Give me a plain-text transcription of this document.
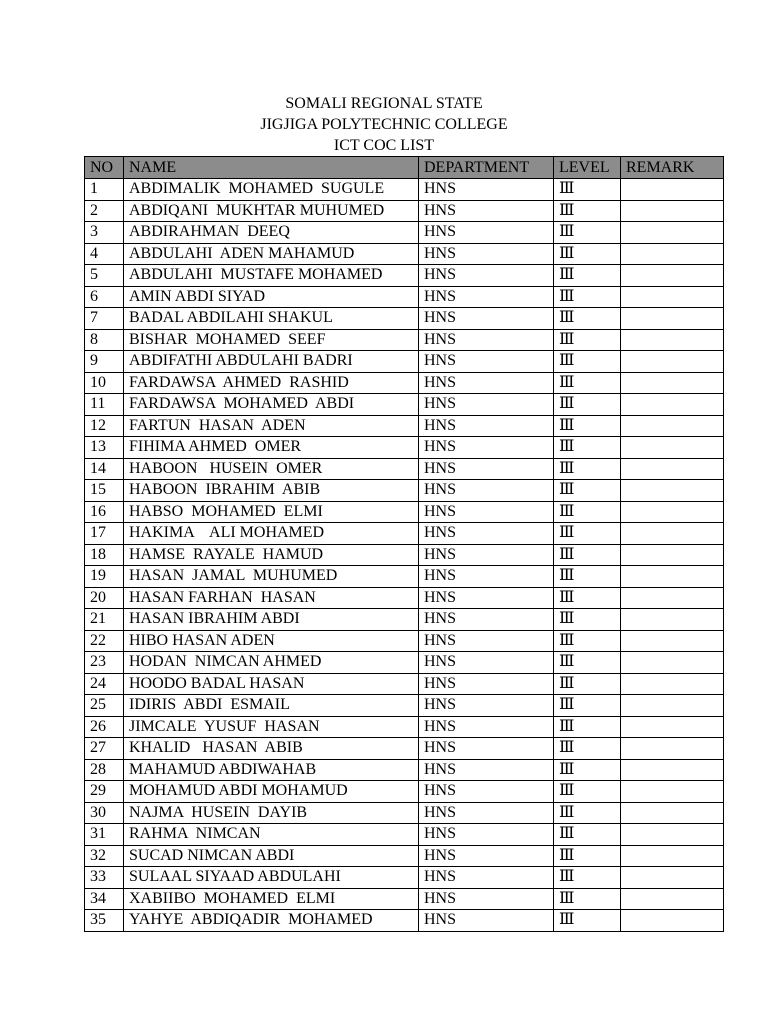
SOMALI REGIONAL STATE
JIGJIGA POLYTECHNIC COLLEGE
ICT COC LIST
NO	NAME	DEPARTMENT	LEVEL	REMARK
1	ABDIMALIK  MOHAMED  SUGULE	HNS	Ⅲ	
2	ABDIQANI  MUKHTAR MUHUMED	HNS	Ⅲ	
3	ABDIRAHMAN  DEEQ	HNS	Ⅲ	
4	ABDULAHI  ADEN MAHAMUD	HNS	Ⅲ	
5	ABDULAHI  MUSTAFE MOHAMED	HNS	Ⅲ	
6	AMIN ABDI SIYAD	HNS	Ⅲ	
7	BADAL ABDILAHI SHAKUL	HNS	Ⅲ	
8	BISHAR  MOHAMED  SEEF	HNS	Ⅲ	
9	ABDIFATHI ABDULAHI BADRI	HNS	Ⅲ	
10	FARDAWSA  AHMED  RASHID	HNS	Ⅲ	
11	FARDAWSA  MOHAMED  ABDI	HNS	Ⅲ	
12	FARTUN  HASAN  ADEN	HNS	Ⅲ	
13	FIHIMA AHMED  OMER	HNS	Ⅲ	
14	HABOON   HUSEIN  OMER	HNS	Ⅲ	
15	HABOON  IBRAHIM  ABIB	HNS	Ⅲ	
16	HABSO  MOHAMED  ELMI	HNS	Ⅲ	
17	HAKIMA    ALI MOHAMED	HNS	Ⅲ	
18	HAMSE  RAYALE  HAMUD	HNS	Ⅲ	
19	HASAN  JAMAL  MUHUMED	HNS	Ⅲ	
20	HASAN FARHAN  HASAN	HNS	Ⅲ	
21	HASAN IBRAHIM ABDI	HNS	Ⅲ	
22	HIBO HASAN ADEN	HNS	Ⅲ	
23	HODAN  NIMCAN AHMED	HNS	Ⅲ	
24	HOODO BADAL HASAN	HNS	Ⅲ	
25	IDIRIS  ABDI  ESMAIL	HNS	Ⅲ	
26	JIMCALE  YUSUF  HASAN	HNS	Ⅲ	
27	KHALID   HASAN  ABIB	HNS	Ⅲ	
28	MAHAMUD ABDIWAHAB	HNS	Ⅲ	
29	MOHAMUD ABDI MOHAMUD	HNS	Ⅲ	
30	NAJMA  HUSEIN  DAYIB	HNS	Ⅲ	
31	RAHMA  NIMCAN	HNS	Ⅲ	
32	SUCAD NIMCAN ABDI	HNS	Ⅲ	
33	SULAAL SIYAAD ABDULAHI	HNS	Ⅲ	
34	XABIIBO  MOHAMED  ELMI	HNS	Ⅲ	
35	YAHYE  ABDIQADIR  MOHAMED	HNS	Ⅲ	
